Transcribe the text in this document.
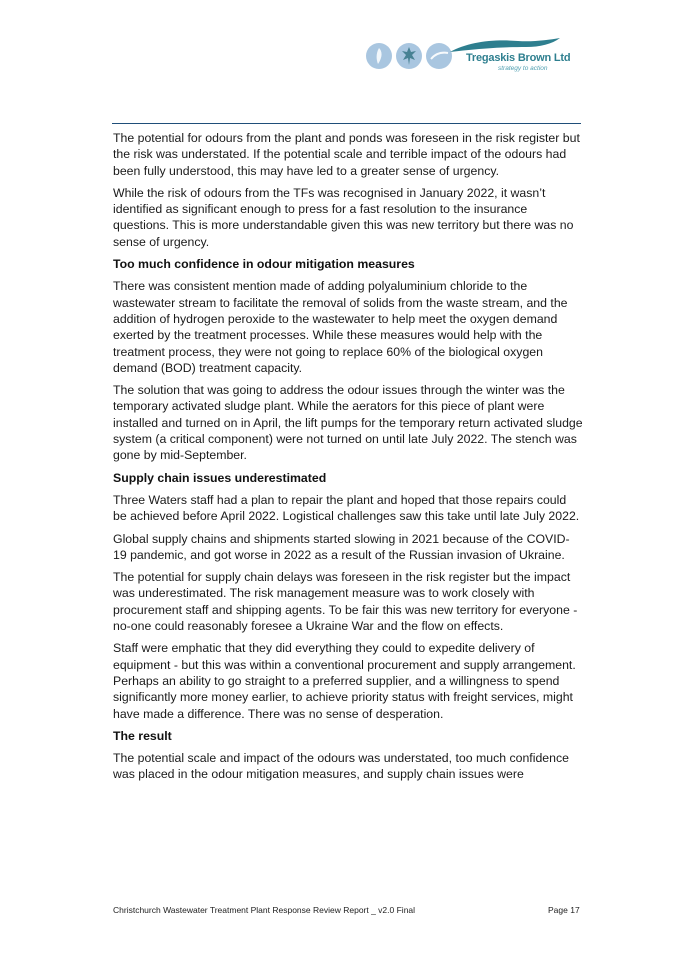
Tregaskis Brown Ltd
strategy to action

The potential for odours from the plant and ponds was foreseen in the risk register but the risk was understated. If the potential scale and terrible impact of the odours had been fully understood, this may have led to a greater sense of urgency.

While the risk of odours from the TFs was recognised in January 2022, it wasn’t identified as significant enough to press for a fast resolution to the insurance questions. This is more understandable given this was new territory but there was no sense of urgency.

Too much confidence in odour mitigation measures

There was consistent mention made of adding polyaluminium chloride to the wastewater stream to facilitate the removal of solids from the waste stream, and the addition of hydrogen peroxide to the wastewater to help meet the oxygen demand exerted by the treatment processes. While these measures would help with the treatment process, they were not going to replace 60% of the biological oxygen demand (BOD) treatment capacity.

The solution that was going to address the odour issues through the winter was the temporary activated sludge plant. While the aerators for this piece of plant were installed and turned on in April, the lift pumps for the temporary return activated sludge system (a critical component) were not turned on until late July 2022. The stench was gone by mid-September.

Supply chain issues underestimated

Three Waters staff had a plan to repair the plant and hoped that those repairs could be achieved before April 2022. Logistical challenges saw this take until late July 2022.

Global supply chains and shipments started slowing in 2021 because of the COVID-19 pandemic, and got worse in 2022 as a result of the Russian invasion of Ukraine.

The potential for supply chain delays was foreseen in the risk register but the impact was underestimated. The risk management measure was to work closely with procurement staff and shipping agents. To be fair this was new territory for everyone - no-one could reasonably foresee a Ukraine War and the flow on effects.

Staff were emphatic that they did everything they could to expedite delivery of equipment - but this was within a conventional procurement and supply arrangement. Perhaps an ability to go straight to a preferred supplier, and a willingness to spend significantly more money earlier, to achieve priority status with freight services, might have made a difference. There was no sense of desperation.

The result

The potential scale and impact of the odours was understated, too much confidence was placed in the odour mitigation measures, and supply chain issues were

Christchurch Wastewater Treatment Plant Response Review Report _ v2.0 Final	Page 17
